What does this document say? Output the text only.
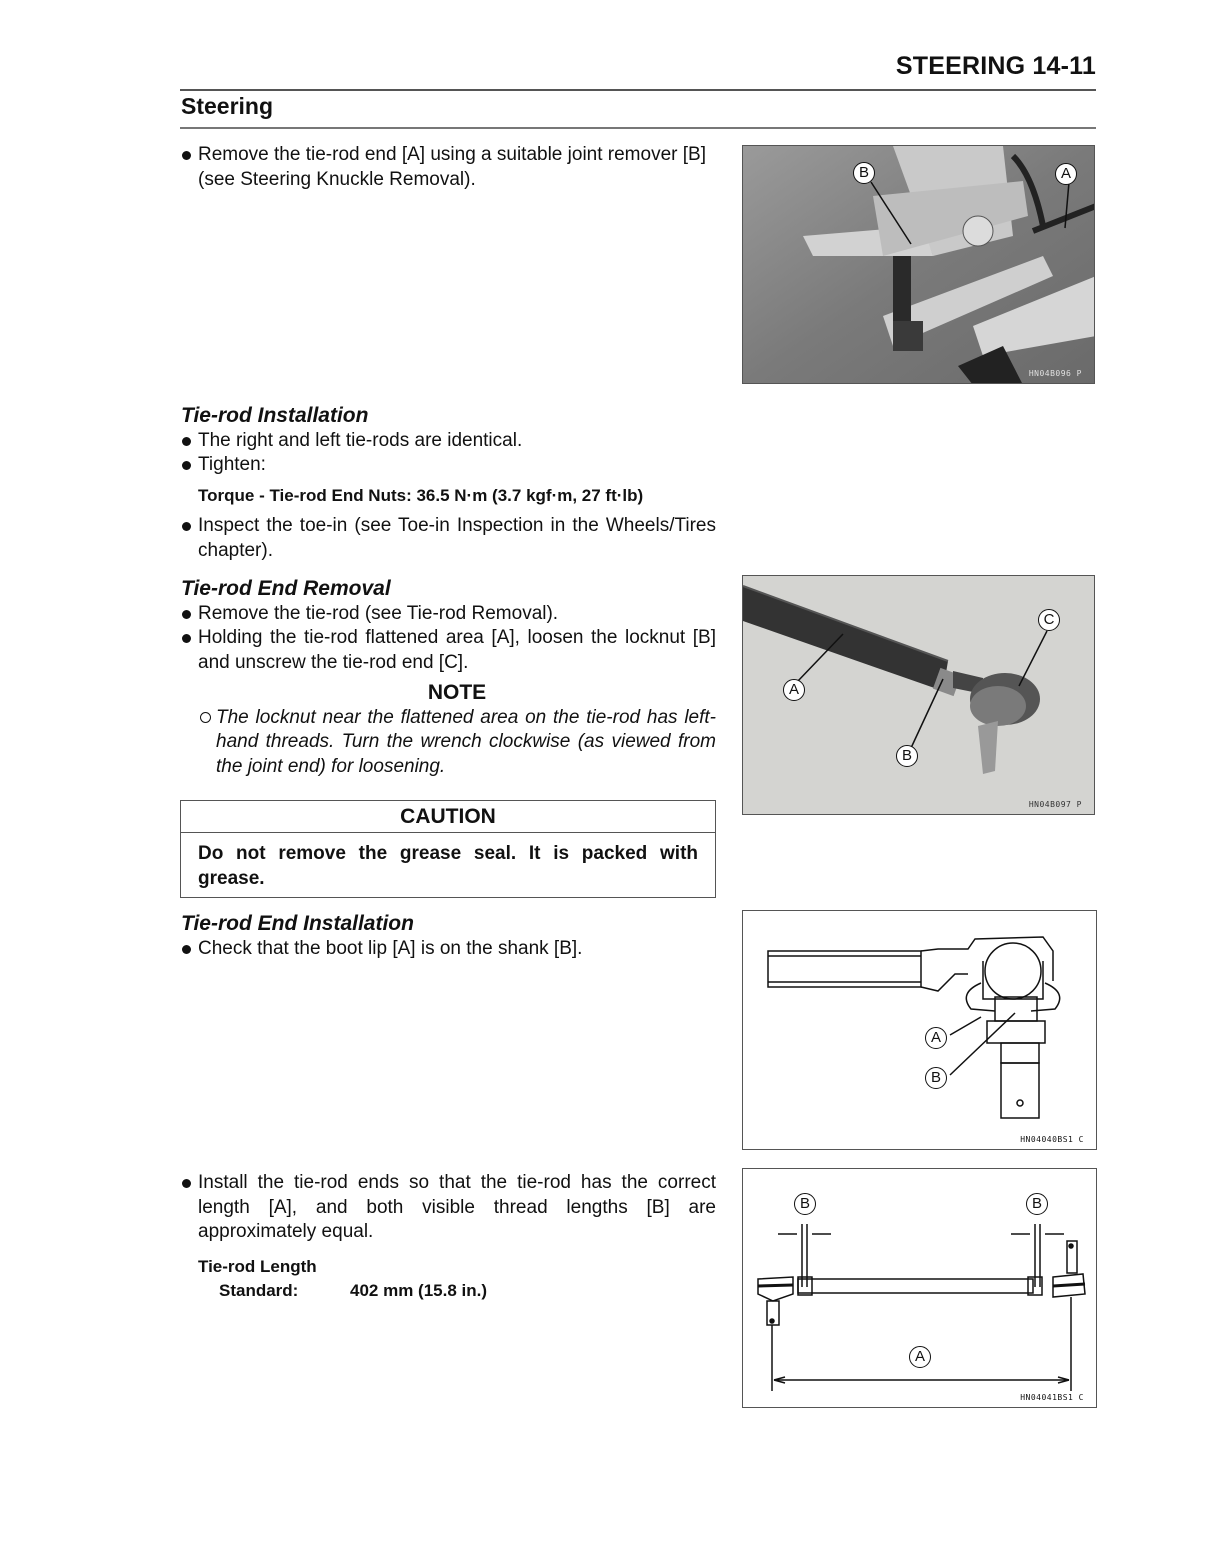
STEERING 14-11
Steering
Remove the tie-rod end [A] using a suitable joint remover [B] (see Steering Knuckle Removal).	B	A
HN04B096 P
Tie-rod Installation
The right and left tie-rods are identical.
Tighten:
Torque - Tie-rod End Nuts: 36.5 N·m (3.7 kgf·m, 27 ft·lb)
Inspect the toe-in (see Toe-in Inspection in the Wheels/Tires chapter).
Tie-rod End Removal
Remove the tie-rod (see Tie-rod Removal).
Holding the tie-rod flattened area [A], loosen the locknut [B] and unscrew the tie-rod end [C].
NOTE
The locknut near the flattened area on the tie-rod has left-hand threads. Turn the wrench clockwise (as viewed from the joint end) for loosening.
CAUTION
Do not remove the grease seal. It is packed with grease.
A
B
C
HN04B097 P
Tie-rod End Installation
Check that the boot lip [A] is on the shank [B].
A
B
HN04040BS1 C
Install the tie-rod ends so that the tie-rod has the correct length [A], and both visible thread lengths [B] are approximately equal.
Tie-rod Length
Standard:	402 mm (15.8 in.)
B	B
A
HN04041BS1 C
